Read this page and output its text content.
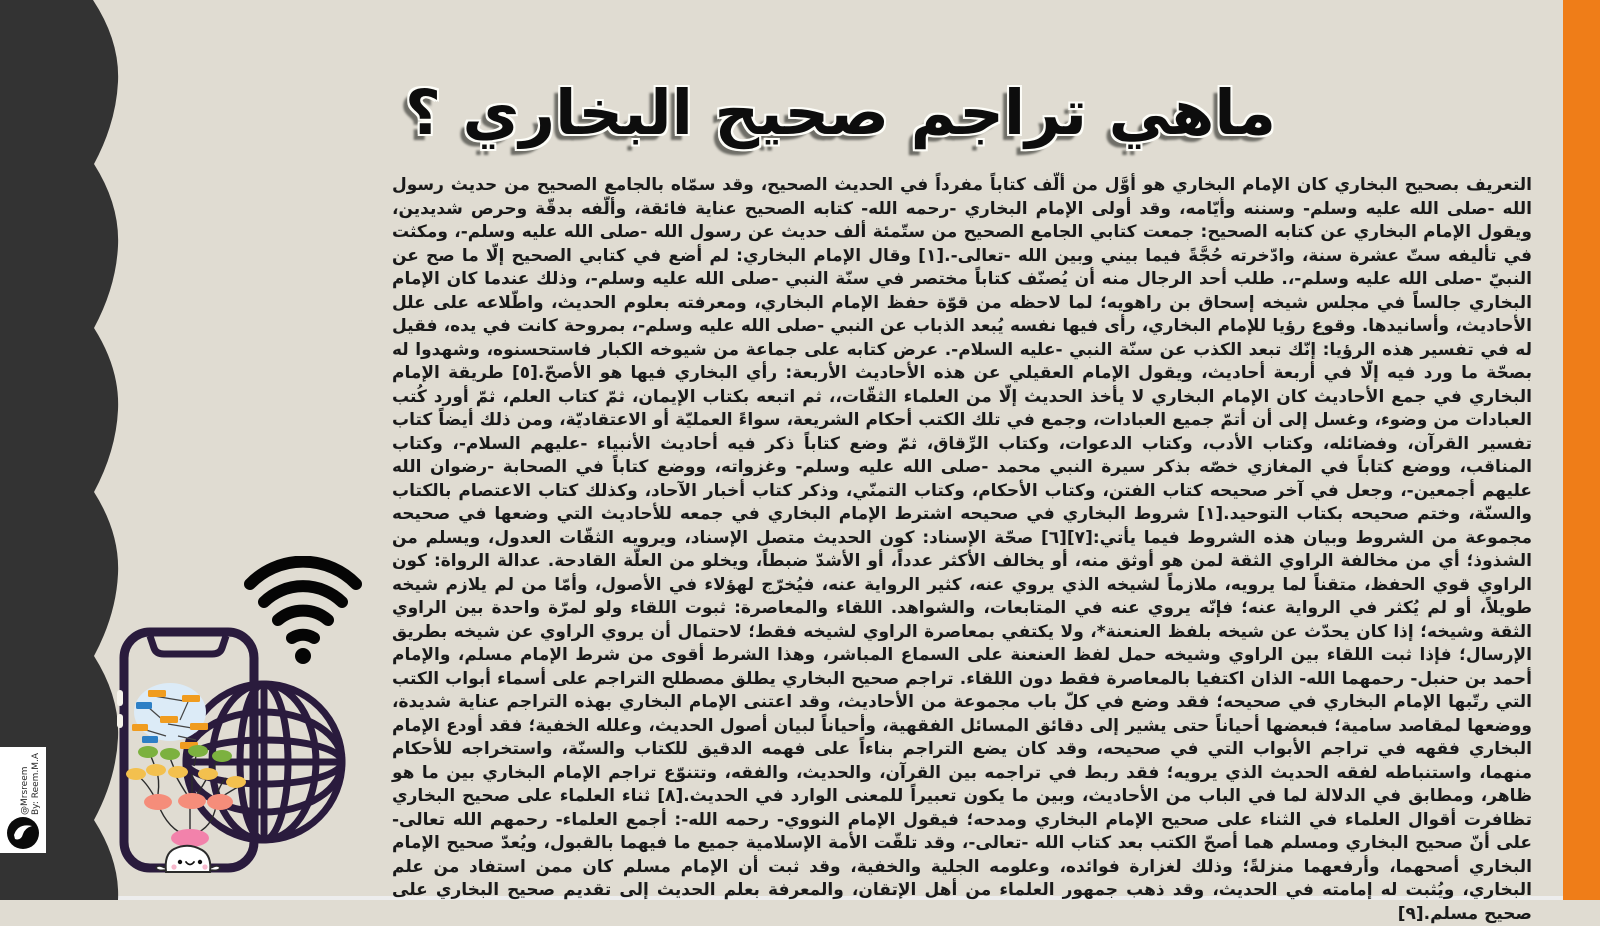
ماهي تراجم صحيح البخاري ؟

التعريف بصحيح البخاري كان الإمام البخاري هو أوَّل من ألّف كتاباً مفرداً في الحديث الصحيح، وقد سمّاه بالجامع الصحيح من حديث رسول الله -صلى الله عليه وسلم- وسننه وأيّامه، وقد أولى الإمام البخاري -رحمه الله- كتابه الصحيح عناية فائقة، وألّفه بدقّة وحرص شديدين، ويقول الإمام البخاري عن كتابه الصحيح: جمعت كتابي الجامع الصحيح من ستّمئة ألف حديث عن رسول الله -صلى الله عليه وسلم-، ومكثت في تأليفه ستّ عشرة سنة، وادّخرته حُجَّةً فيما بيني وبين الله -تعالى-.[١] وقال الإمام البخاري: لم أضع في كتابي الصحيح إلّا ما صح عن النبيّ -صلى الله عليه وسلم-،. طلب أحد الرجال منه أن يُصنّف كتاباً مختصر في سنّة النبي -صلى الله عليه وسلم-، وذلك عندما كان الإمام البخاري جالساً في مجلس شيخه إسحاق بن راهويه؛ لما لاحظه من قوّة حفظ الإمام البخاري، ومعرفته بعلوم الحديث، واطّلاعه على علل الأحاديث، وأسانيدها. وقوع رؤيا للإمام البخاري، رأى فيها نفسه يُبعد الذباب عن النبي -صلى الله عليه وسلم-، بمروحة كانت في يده، فقيل له في تفسير هذه الرؤيا: إنّك تبعد الكذب عن سنّة النبي -عليه السلام-. عرض كتابه على جماعة من شيوخه الكبار فاستحسنوه، وشهدوا له بصحّة ما ورد فيه إلّا في أربعة أحاديث، ويقول الإمام العقيلي عن هذه الأحاديث الأربعة: رأي البخاري فيها هو الأصحّ.[٥] طريقة الإمام البخاري في جمع الأحاديث كان الإمام البخاري لا يأخذ الحديث إلّا من العلماء الثقّات،، ثم اتبعه بكتاب الإيمان، ثمّ كتاب العلم، ثمّ أورد كُتب العبادات من وضوء، وغسل إلى أن أتمّ جميع العبادات، وجمع في تلك الكتب أحكام الشريعة، سواءً العمليّة أو الاعتقاديّة، ومن ذلك أيضاً كتاب تفسير القرآن، وفضائله، وكتاب الأدب، وكتاب الدعوات، وكتاب الرِّقاق، ثمّ وضع كتاباً ذكر فيه أحاديث الأنبياء -عليهم السلام-، وكتاب المناقب، ووضع كتاباً في المغازي خصّه بذكر سيرة النبي محمد -صلى الله عليه وسلم- وغزواته، ووضع كتاباً في الصحابة -رضوان الله عليهم أجمعين-، وجعل في آخر صحيحه كتاب الفتن، وكتاب الأحكام، وكتاب التمنّي، وذكر كتاب أخبار الآحاد، وكذلك كتاب الاعتصام بالكتاب والسنّة، وختم صحيحه بكتاب التوحيد.[١] شروط البخاري في صحيحه اشترط الإمام البخاري في جمعه للأحاديث التي وضعها في صحيحه مجموعة من الشروط وبيان هذه الشروط فيما يأتي:[٧][٦] صحّة الإسناد: كون الحديث متصل الإسناد، ويرويه الثقّات العدول، ويسلم من الشذوذ؛ أي من مخالفة الراوي الثقة لمن هو أوثق منه، أو يخالف الأكثر عدداً، أو الأشدّ ضبطاً، ويخلو من العلّة القادحة. عدالة الرواة: كون الراوي قوي الحفظ، متقناً لما يرويه، ملازماً لشيخه الذي يروي عنه، كثير الرواية عنه، فيُخرّج لهؤلاء في الأصول، وأمّا من لم يلازم شيخه طويلاً، أو لم يُكثر في الرواية عنه؛ فإنّه يروي عنه في المتابعات، والشواهد. اللقاء والمعاصرة: ثبوت اللقاء ولو لمرّة واحدة بين الراوي الثقة وشيخه؛ إذا كان يحدّث عن شيخه بلفظ العنعنة*، ولا يكتفي بمعاصرة الراوي لشيخه فقط؛ لاحتمال أن يروي الراوي عن شيخه بطريق الإرسال؛ فإذا ثبت اللقاء بين الراوي وشيخه حمل لفظ العنعنة على السماع المباشر، وهذا الشرط أقوى من شرط الإمام مسلم، والإمام أحمد بن حنبل- رحمهما الله- الذان اكتفيا بالمعاصرة فقط دون اللقاء. تراجم صحيح البخاري يطلق مصطلح التراجم على أسماء أبواب الكتب التي رتّبها الإمام البخاري في صحيحه؛ فقد وضع في كلّ باب مجموعة من الأحاديث، وقد اعتنى الإمام البخاري بهذه التراجم عناية شديدة، ووضعها لمقاصد سامية؛ فبعضها أحياناً حتى يشير إلى دقائق المسائل الفقهية، وأحياناً لبيان أصول الحديث، وعلله الخفية؛ فقد أودع الإمام البخاري فقهه في تراجم الأبواب التي في صحيحه، وقد كان يضع التراجم بناءاً على فهمه الدقيق للكتاب والسنّة، واستخراجه للأحكام منهما، واستنباطه لفقه الحديث الذي يرويه؛ فقد ربط في تراجمه بين القرآن، والحديث، والفقه، وتتنوّع تراجم الإمام البخاري بين ما هو ظاهر، ومطابق في الدلالة لما في الباب من الأحاديث، وبين ما يكون تعبيراً للمعنى الوارد في الحديث.[٨] ثناء العلماء على صحيح البخاري تظافرت أقوال العلماء في الثناء على صحيح الإمام البخاري ومدحه؛ فيقول الإمام النووي- رحمه الله-: أجمع العلماء- رحمهم الله تعالى- على أنّ صحيح البخاري ومسلم هما أصحّ الكتب بعد كتاب الله -تعالى-، وقد تلقّت الأمة الإسلامية جميع ما فيهما بالقبول، ويُعدّ صحيح الإمام البخاري أصحهما، وأرفعهما منزلةً؛ وذلك لغزارة فوائده، وعلومه الجلية والخفية، وقد ثبت أن الإمام مسلم كان ممن استفاد من علم البخاري، ويُثبت له إمامته في الحديث، وقد ذهب جمهور العلماء من أهل الإتقان، والمعرفة بعلم الحديث إلى تقديم صحيح البخاري على صحيح مسلم.[٩]

By: Reem.M.A
@Mrsreem
